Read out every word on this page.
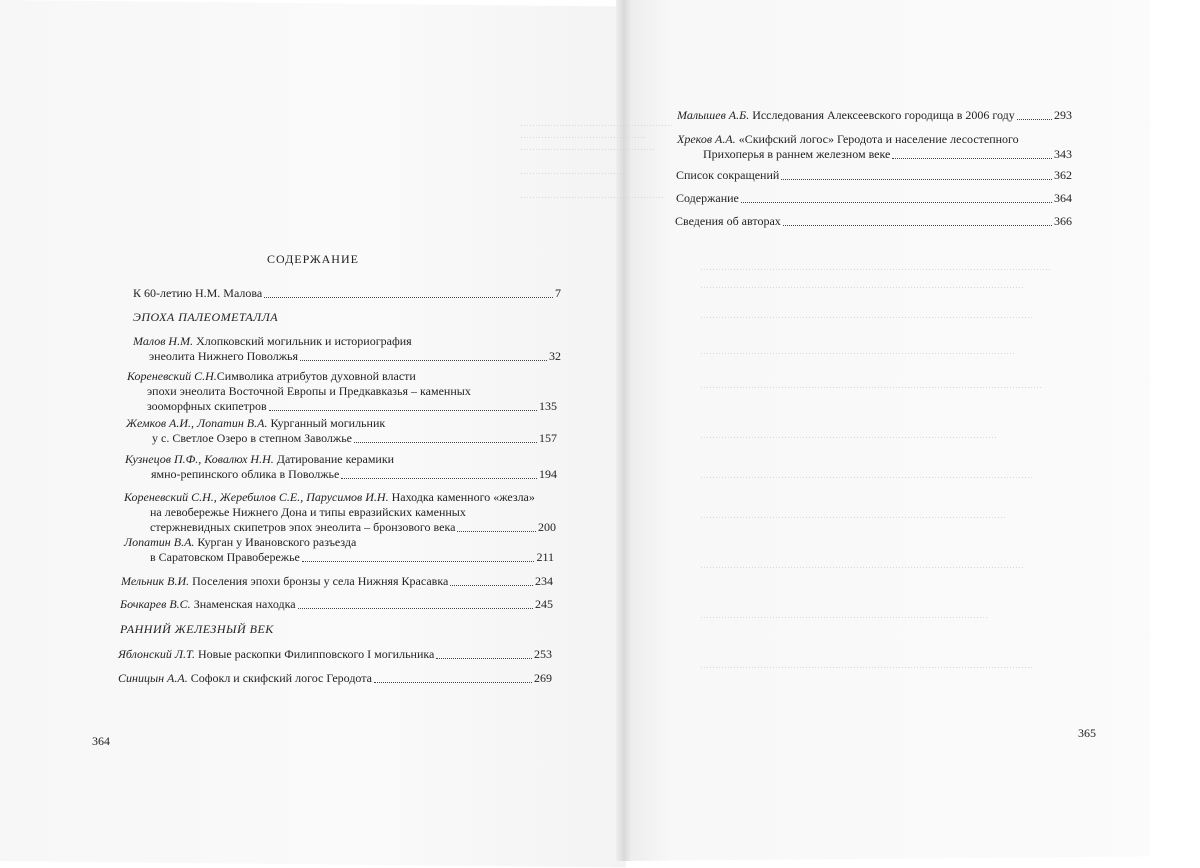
……………………………………………
……………………………………
………………………………………
………………………………
…………………………………………
………………………………………………………………………………………………………
………………………………………………………………………………………………
…………………………………………………………………………………………………
……………………………………………………………………………………………
……………………………………………………………………………………………………
………………………………………………………………………………………
…………………………………………………………………………………………………
…………………………………………………………………………………………
………………………………………………………………………………………………
……………………………………………………………………………………
…………………………………………………………………………………………………
СОДЕРЖАНИЕ
К 60-летию Н.М. Малова	7
ЭПОХА ПАЛЕОМЕТАЛЛА
Малов Н.М. Хлопковский могильник и историография
энеолита Нижнего Поволжья	32
Кореневский С.Н.Символика атрибутов духовной власти
эпохи энеолита Восточной Европы и Предкавказья – каменных
зооморфных скипетров	135
Жемков А.И., Лопатин В.А. Курганный могильник
у с. Светлое Озеро в степном Заволжье	157
Кузнецов П.Ф., Ковалюх Н.Н. Датирование керамики
ямно-репинского облика в Поволжье	194
Кореневский С.Н., Жеребилов С.Е., Парусимов И.Н. Находка каменного «жезла»
на левобережье Нижнего Дона и типы евразийских каменных
стержневидных скипетров эпох энеолита – бронзового века	200
Лопатин В.А. Курган у Ивановского разъезда
в Саратовском Правобережье	211
Мельник В.И.
Поселения эпохи бронзы у села Нижняя Красавка	234
Бочкарев В.С.
Знаменская находка	245
РАННИЙ ЖЕЛЕЗНЫЙ ВЕК
Яблонский Л.Т.
Новые раскопки Филипповского I могильника	253
Синицын А.А.
Софокл и скифский логос Геродота	269
364
Малышев А.Б.
Исследования Алексеевского городища в 2006 году	293
Хреков А.А. «Скифский логос» Геродота и население лесостепного
Прихоперья в раннем железном веке	343
Список сокращений	362
Содержание	364
Сведения об авторах	366
365
